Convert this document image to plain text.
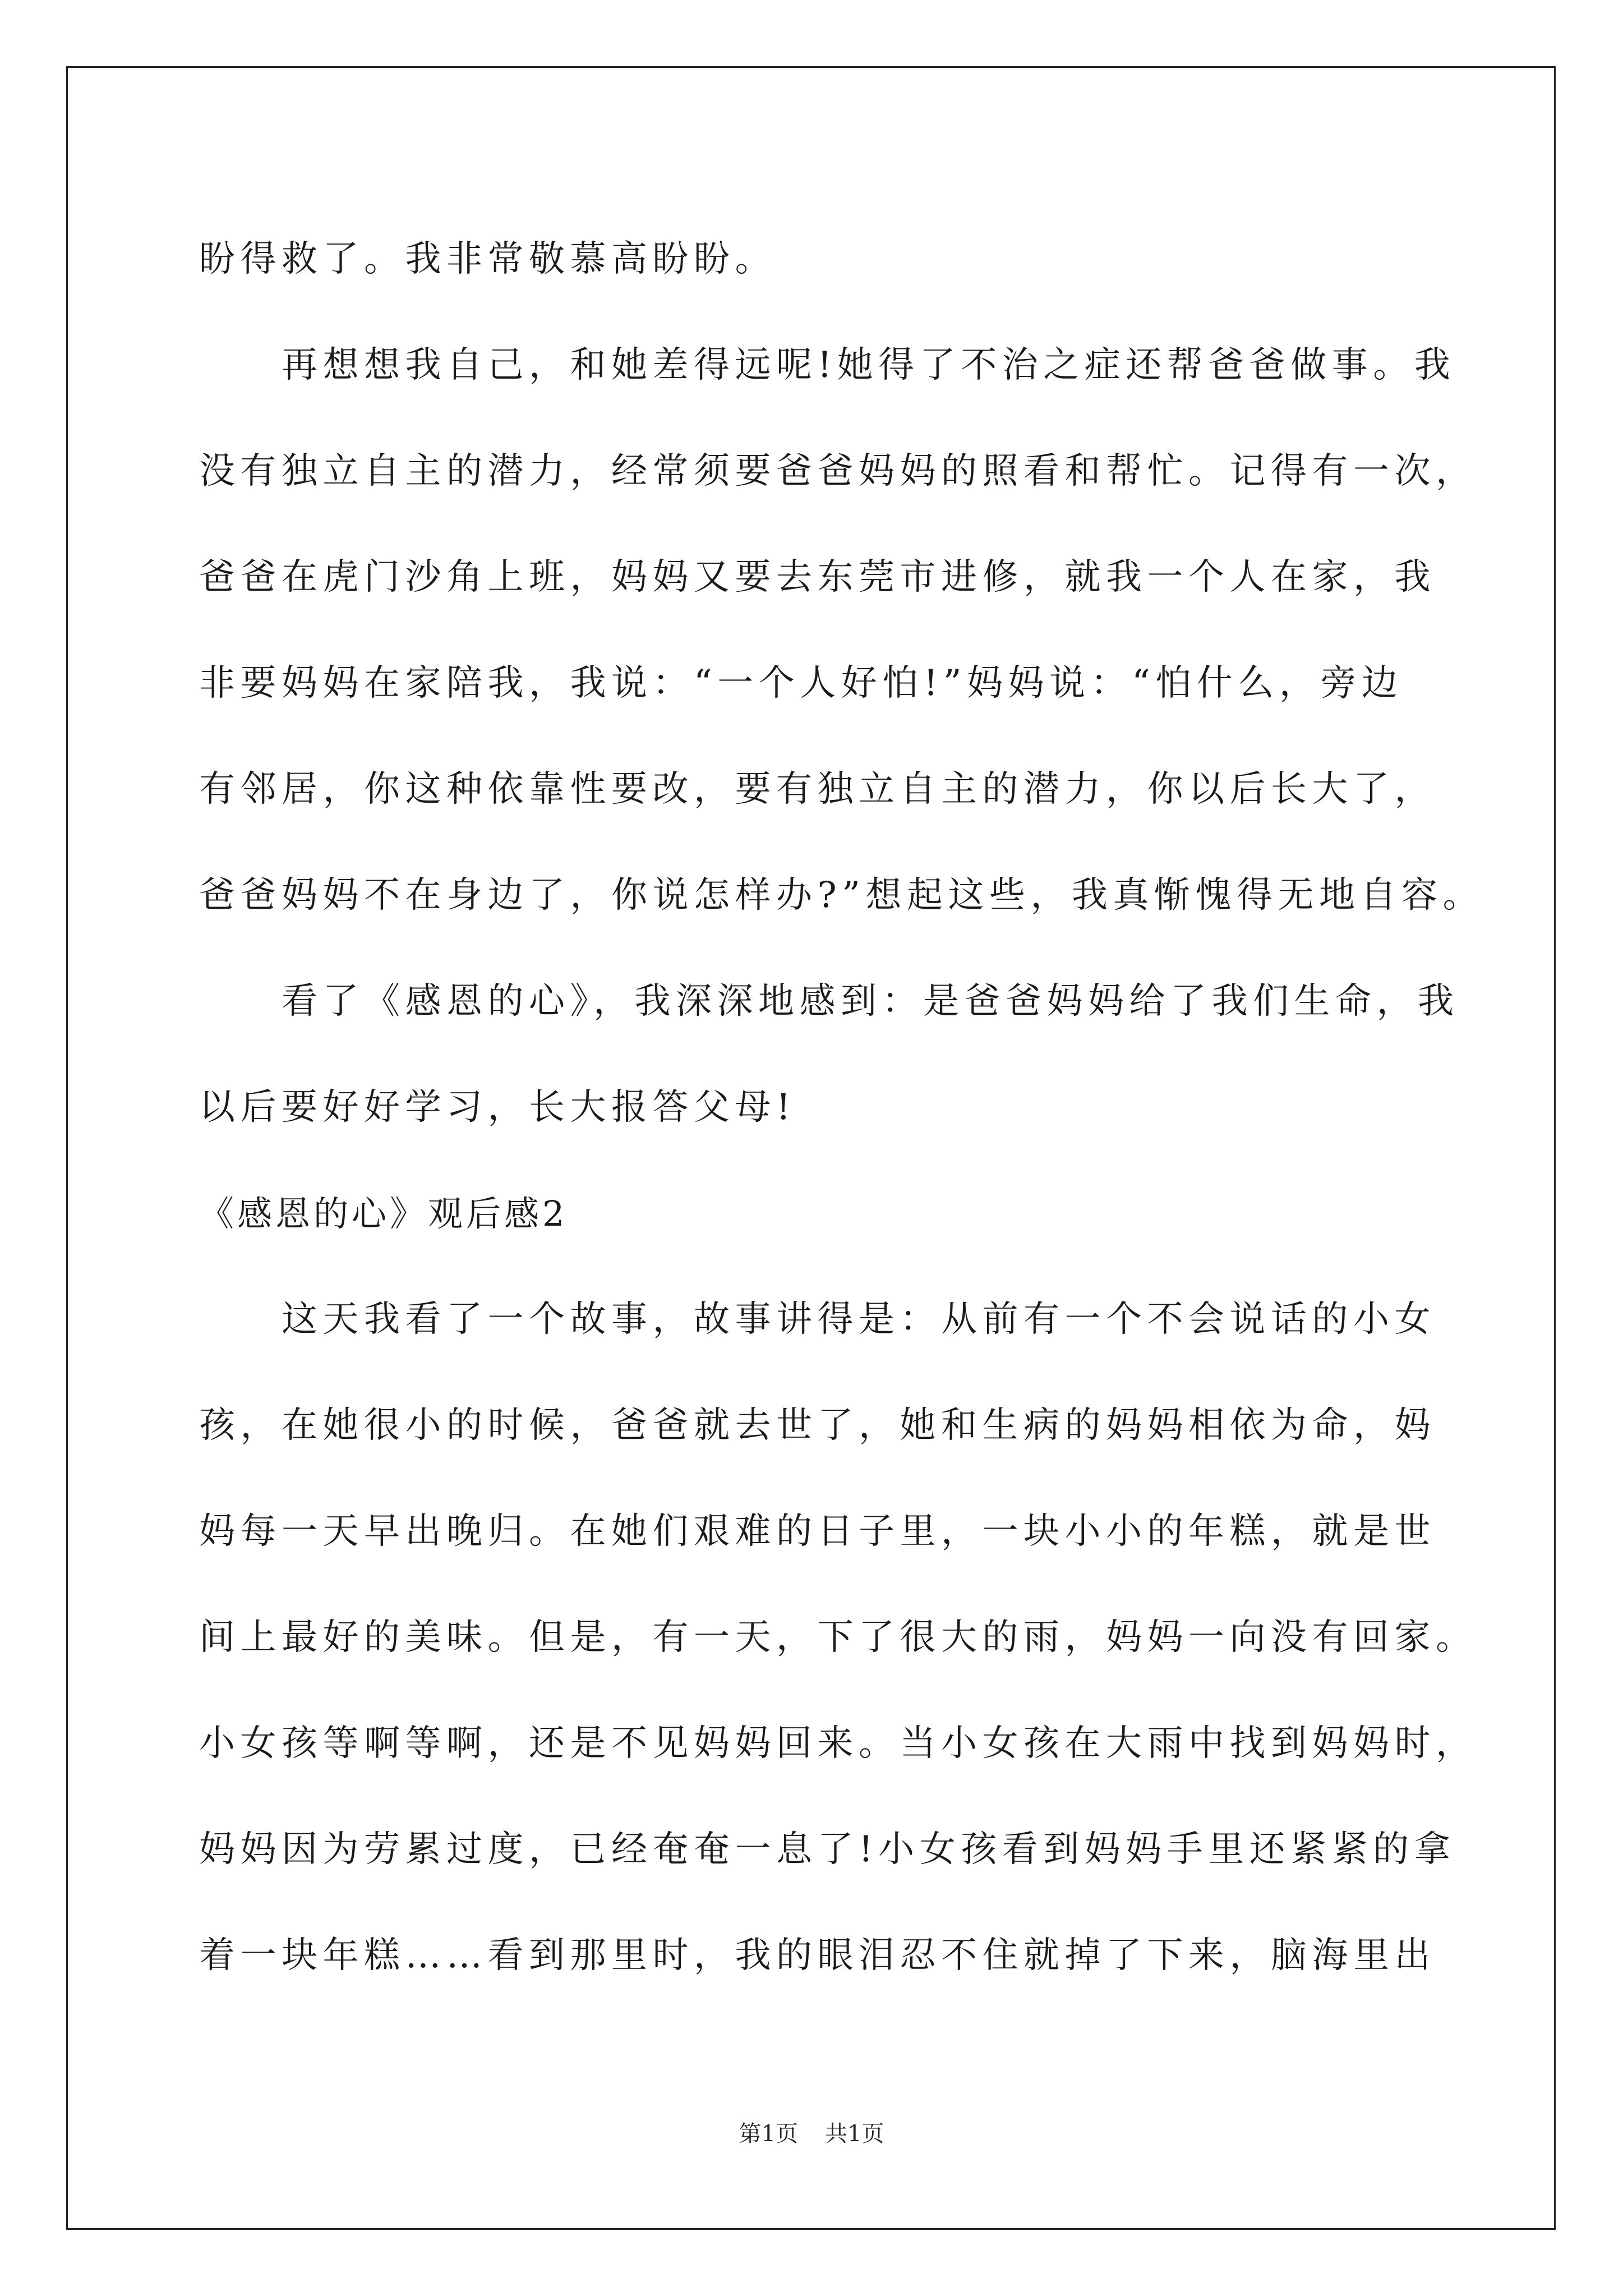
盼得救了。我非常敬慕高盼盼。
　　再想想我自己，和她差得远呢!她得了不治之症还帮爸爸做事。我
没有独立自主的潜力，经常须要爸爸妈妈的照看和帮忙。记得有一次，
爸爸在虎门沙角上班，妈妈又要去东莞市进修，就我一个人在家，我
非要妈妈在家陪我，我说：“一个人好怕!”妈妈说：“怕什么，旁边
有邻居，你这种依靠性要改，要有独立自主的潜力，你以后长大了，
爸爸妈妈不在身边了，你说怎样办?”想起这些，我真惭愧得无地自容。
　　看了《感恩的心》，我深深地感到：是爸爸妈妈给了我们生命，我
以后要好好学习，长大报答父母!
《感恩的心》观后感2
　　这天我看了一个故事，故事讲得是：从前有一个不会说话的小女
孩，在她很小的时候，爸爸就去世了，她和生病的妈妈相依为命，妈
妈每一天早出晚归。在她们艰难的日子里，一块小小的年糕，就是世
间上最好的美味。但是，有一天，下了很大的雨，妈妈一向没有回家。
小女孩等啊等啊，还是不见妈妈回来。当小女孩在大雨中找到妈妈时，
妈妈因为劳累过度，已经奄奄一息了!小女孩看到妈妈手里还紧紧的拿
着一块年糕……看到那里时，我的眼泪忍不住就掉了下来，脑海里出
第1页 共1页
